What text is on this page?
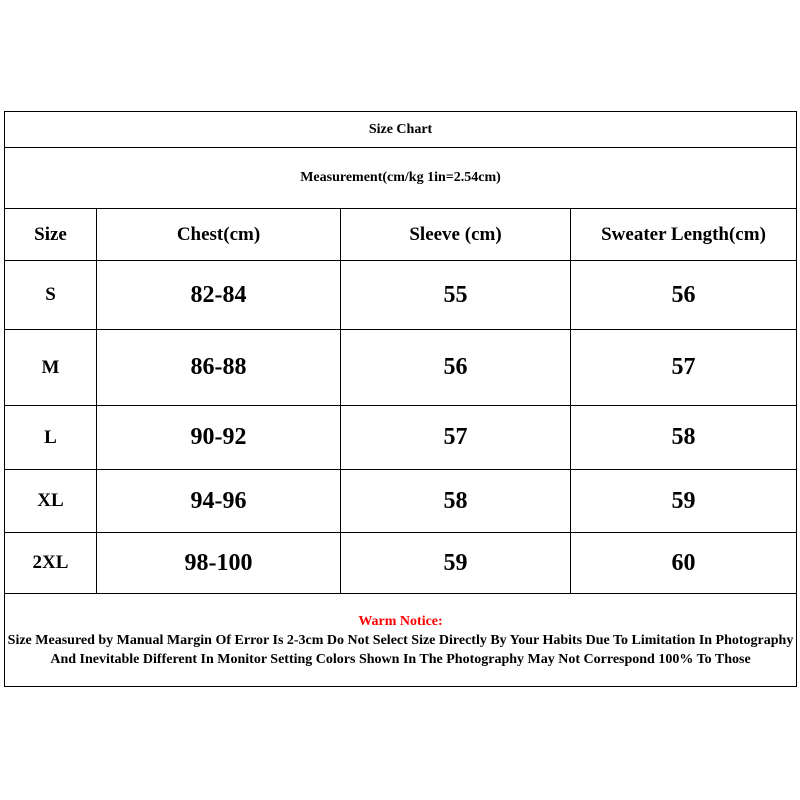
Size Chart			
Measurement(cm/kg 1in=2.54cm)			
Size	Chest(cm)	Sleeve (cm)	Sweater Length(cm)
S	82-84	55	56
M	86-88	56	57
L	90-92	57	58
XL	94-96	58	59
2XL	98-100	59	60

Warm Notice:
Size Measured by Manual Margin Of Error Is 2-3cm Do Not Select Size Directly By Your Habits Due To Limitation In Photography And Inevitable Different In Monitor Setting Colors Shown In The Photography May Not Correspond 100% To Those			
